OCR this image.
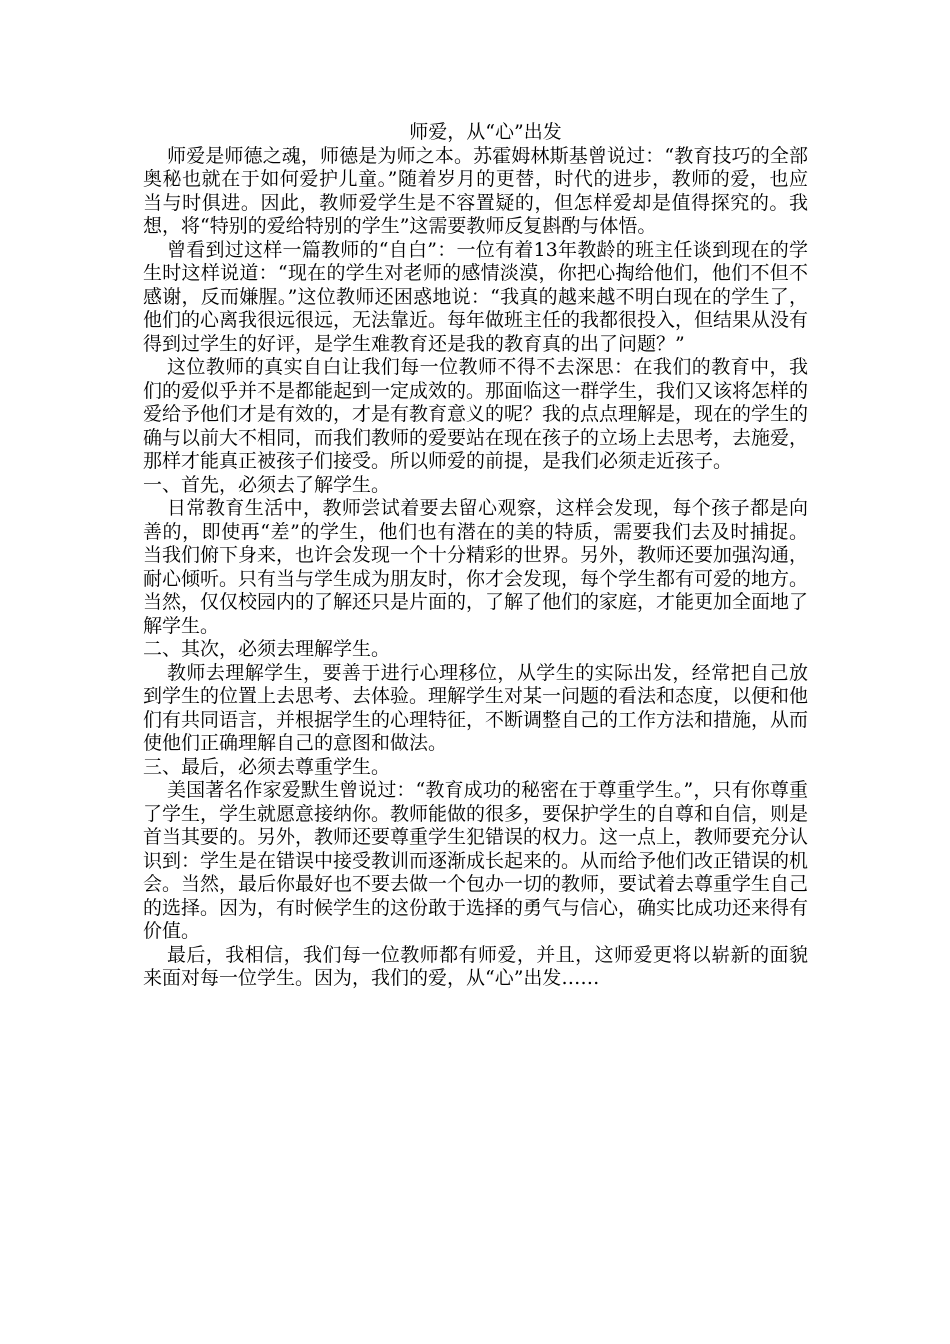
师爱，从“心”出发

师爱是师德之魂，师德是为师之本。苏霍姆林斯基曾说过：“教育技巧的全部奥秘也就在于如何爱护儿童。”随着岁月的更替，时代的进步，教师的爱，也应当与时俱进。因此，教师爱学生是不容置疑的，但怎样爱却是值得探究的。我想，将“特别的爱给特别的学生”这需要教师反复斟酌与体悟。

曾看到过这样一篇教师的“自白”：一位有着13年教龄的班主任谈到现在的学生时这样说道：“现在的学生对老师的感情淡漠，你把心掏给他们，他们不但不感谢，反而嫌腥。”这位教师还困惑地说：“我真的越来越不明白现在的学生了，他们的心离我很远很远，无法靠近。每年做班主任的我都很投入，但结果从没有得到过学生的好评，是学生难教育还是我的教育真的出了问题？”

这位教师的真实自白让我们每一位教师不得不去深思：在我们的教育中，我们的爱似乎并不是都能起到一定成效的。那面临这一群学生，我们又该将怎样的爱给予他们才是有效的，才是有教育意义的呢？我的点点理解是，现在的学生的确与以前大不相同，而我们教师的爱要站在现在孩子的立场上去思考，去施爱，那样才能真正被孩子们接受。所以师爱的前提，是我们必须走近孩子。

一、首先，必须去了解学生。

日常教育生活中，教师尝试着要去留心观察，这样会发现，每个孩子都是向善的，即使再“差”的学生，他们也有潜在的美的特质，需要我们去及时捕捉。当我们俯下身来，也许会发现一个十分精彩的世界。另外，教师还要加强沟通，耐心倾听。只有当与学生成为朋友时，你才会发现，每个学生都有可爱的地方。当然，仅仅校园内的了解还只是片面的，了解了他们的家庭，才能更加全面地了解学生。

二、其次，必须去理解学生。

教师去理解学生，要善于进行心理移位，从学生的实际出发，经常把自己放到学生的位置上去思考、去体验。理解学生对某一问题的看法和态度，以便和他们有共同语言，并根据学生的心理特征，不断调整自己的工作方法和措施，从而使他们正确理解自己的意图和做法。

三、最后，必须去尊重学生。

美国著名作家爱默生曾说过：“教育成功的秘密在于尊重学生。”，只有你尊重了学生，学生就愿意接纳你。教师能做的很多，要保护学生的自尊和自信，则是首当其要的。另外，教师还要尊重学生犯错误的权力。这一点上，教师要充分认识到：学生是在错误中接受教训而逐渐成长起来的。从而给予他们改正错误的机会。当然，最后你最好也不要去做一个包办一切的教师，要试着去尊重学生自己的选择。因为，有时候学生的这份敢于选择的勇气与信心，确实比成功还来得有价值。

最后，我相信，我们每一位教师都有师爱，并且，这师爱更将以崭新的面貌来面对每一位学生。因为，我们的爱，从“心”出发……
